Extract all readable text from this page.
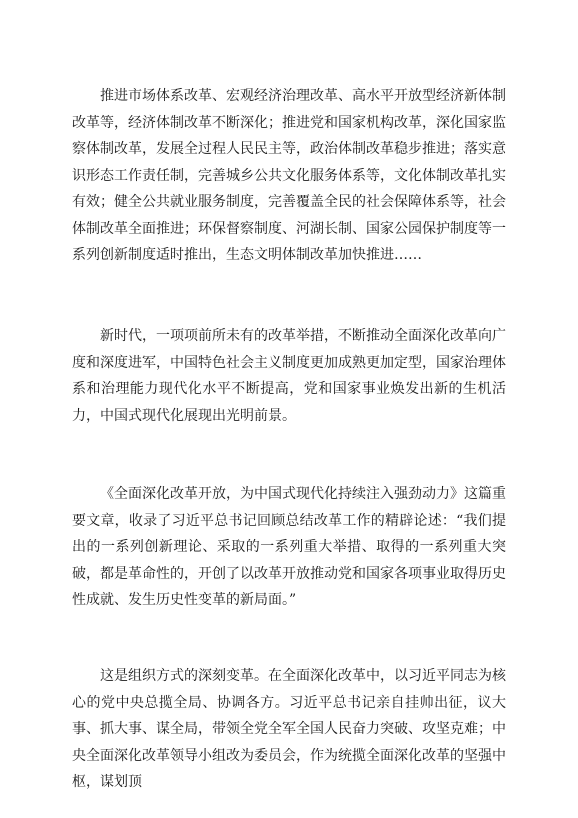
推进市场体系改革、宏观经济治理改革、高水平开放型经济新体制改革等，经济体制改革不断深化；推进党和国家机构改革，深化国家监察体制改革，发展全过程人民民主等，政治体制改革稳步推进；落实意识形态工作责任制，完善城乡公共文化服务体系等，文化体制改革扎实有效；健全公共就业服务制度，完善覆盖全民的社会保障体系等，社会体制改革全面推进；环保督察制度、河湖长制、国家公园保护制度等一系列创新制度适时推出，生态文明体制改革加快推进……

新时代，一项项前所未有的改革举措，不断推动全面深化改革向广度和深度进军，中国特色社会主义制度更加成熟更加定型，国家治理体系和治理能力现代化水平不断提高，党和国家事业焕发出新的生机活力，中国式现代化展现出光明前景。

《全面深化改革开放，为中国式现代化持续注入强劲动力》这篇重要文章，收录了习近平总书记回顾总结改革工作的精辟论述：“我们提出的一系列创新理论、采取的一系列重大举措、取得的一系列重大突破，都是革命性的，开创了以改革开放推动党和国家各项事业取得历史性成就、发生历史性变革的新局面。”

这是组织方式的深刻变革。在全面深化改革中，以习近平同志为核心的党中央总揽全局、协调各方。习近平总书记亲自挂帅出征，议大事、抓大事、谋全局，带领全党全军全国人民奋力突破、攻坚克难；中央全面深化改革领导小组改为委员会，作为统揽全面深化改革的坚强中枢，谋划顶
